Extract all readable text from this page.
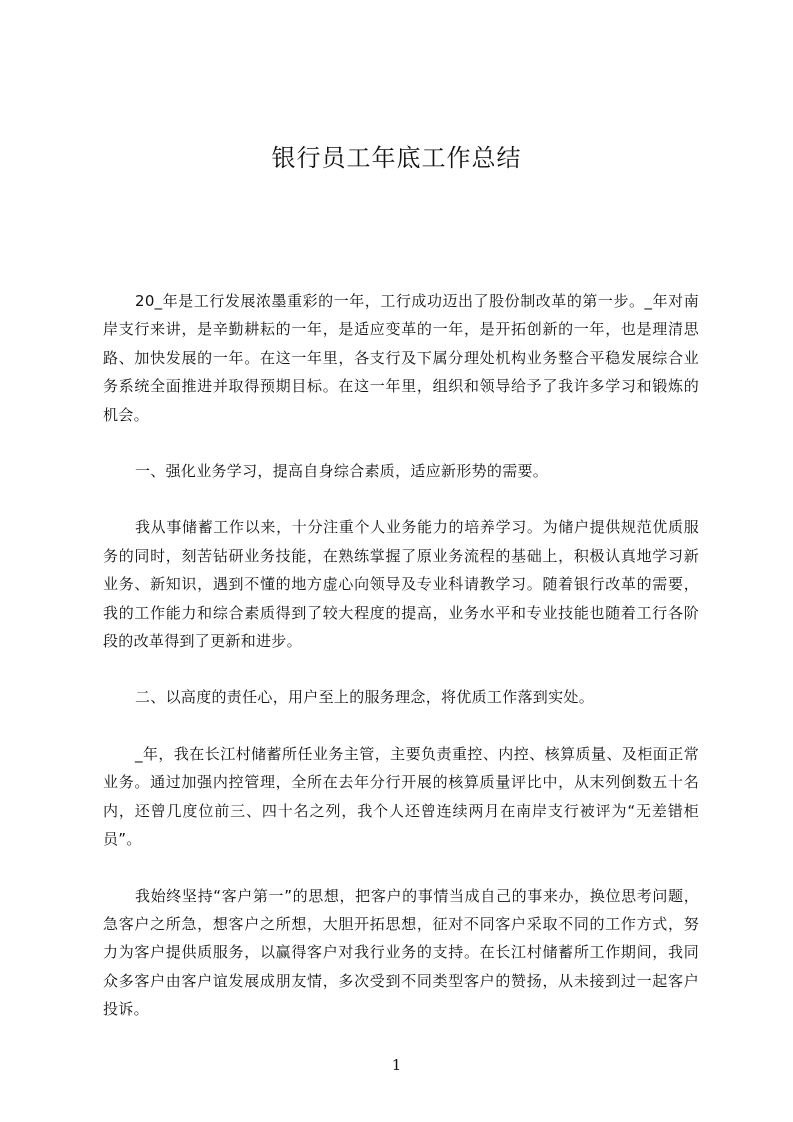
银行员工年底工作总结

20_年是工行发展浓墨重彩的一年，工行成功迈出了股份制改革的第一步。_年对南岸支行来讲，是辛勤耕耘的一年，是适应变革的一年，是开拓创新的一年，也是理清思路、加快发展的一年。在这一年里，各支行及下属分理处机构业务整合平稳发展综合业务系统全面推进并取得预期目标。在这一年里，组织和领导给予了我许多学习和锻炼的机会。

一、强化业务学习，提高自身综合素质，适应新形势的需要。

我从事储蓄工作以来，十分注重个人业务能力的培养学习。为储户提供规范优质服务的同时，刻苦钻研业务技能，在熟练掌握了原业务流程的基础上，积极认真地学习新业务、新知识，遇到不懂的地方虚心向领导及专业科请教学习。随着银行改革的需要，我的工作能力和综合素质得到了较大程度的提高，业务水平和专业技能也随着工行各阶段的改革得到了更新和进步。

二、以高度的责任心，用户至上的服务理念，将优质工作落到实处。

_年，我在长江村储蓄所任业务主管，主要负责重控、内控、核算质量、及柜面正常业务。通过加强内控管理，全所在去年分行开展的核算质量评比中，从末列倒数五十名内，还曾几度位前三、四十名之列，我个人还曾连续两月在南岸支行被评为“无差错柜员”。

我始终坚持“客户第一”的思想，把客户的事情当成自己的事来办，换位思考问题，急客户之所急，想客户之所想，大胆开拓思想，征对不同客户采取不同的工作方式，努力为客户提供质服务，以赢得客户对我行业务的支持。在长江村储蓄所工作期间，我同众多客户由客户谊发展成朋友情，多次受到不同类型客户的赞扬，从未接到过一起客户投诉。

1
